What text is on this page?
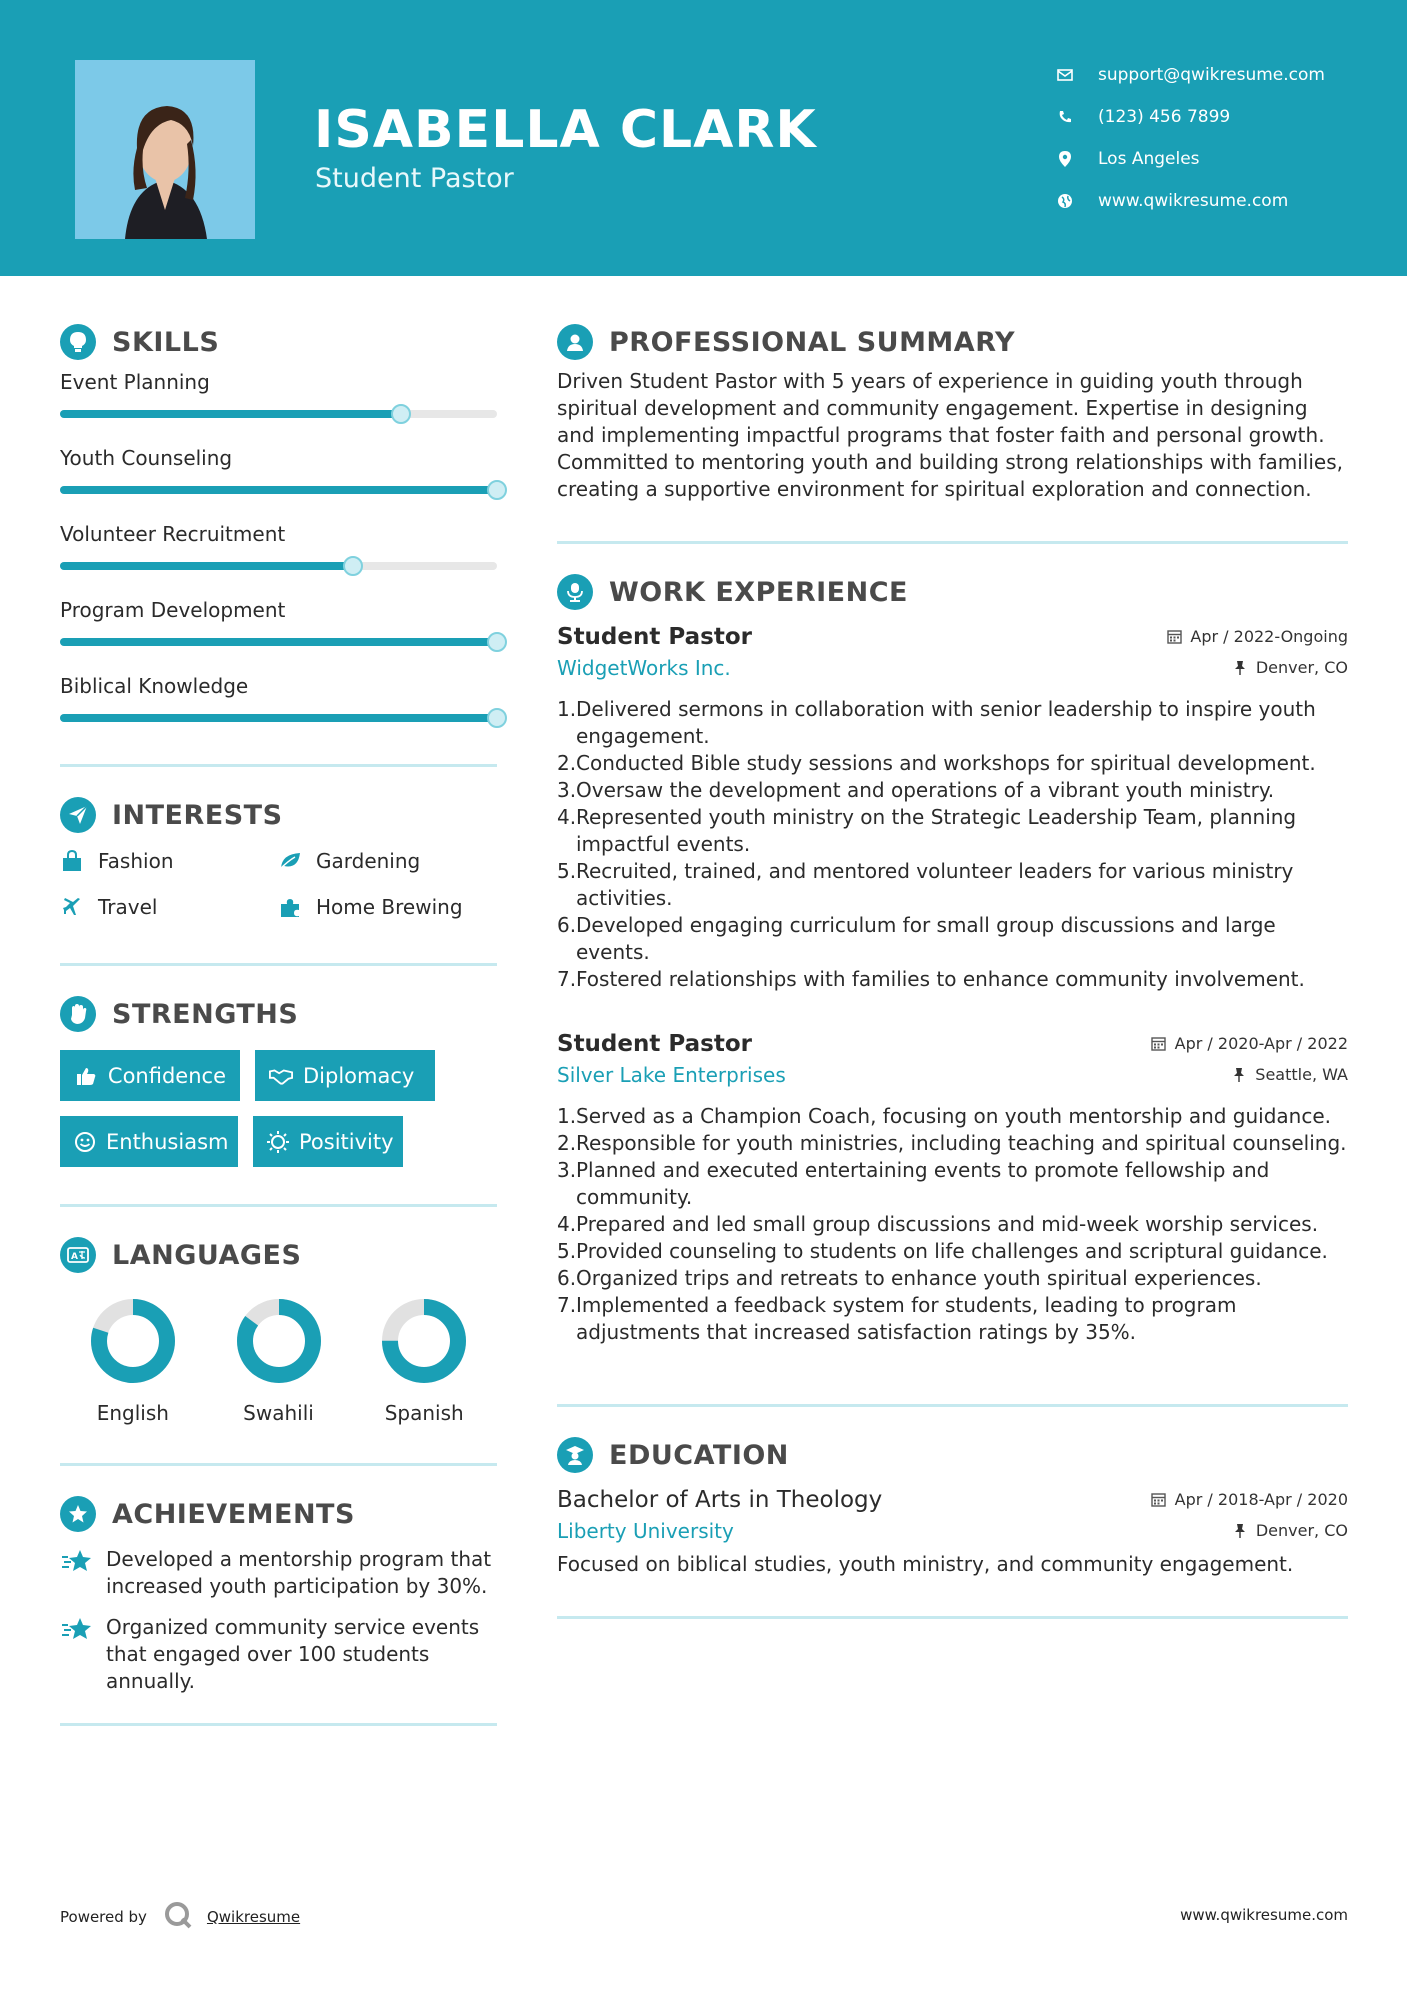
ISABELLA CLARK
Student Pastor
support@qwikresume.com
(123) 456 7899
Los Angeles
www.qwikresume.com
SKILLS
Event Planning
Youth Counseling
Volunteer Recruitment
Program Development
Biblical Knowledge
INTERESTS
Fashion	Gardening
Travel	Home Brewing
STRENGTHS
Confidence	Diplomacy
Enthusiasm	Positivity
A LANGUAGES
English	Swahili	Spanish
ACHIEVEMENTS
Developed a mentorship program that increased youth participation by 30%.
Organized community service events that engaged over 100 students annually.
PROFESSIONAL SUMMARY
Driven Student Pastor with 5 years of experience in guiding youth through spiritual development and community engagement. Expertise in designing and implementing impactful programs that foster faith and personal growth. Committed to mentoring youth and building strong relationships with families, creating a supportive environment for spiritual exploration and connection.
WORK EXPERIENCE
Student Pastor	Apr / 2022-Ongoing
WidgetWorks Inc.	Denver, CO
1. Delivered sermons in collaboration with senior leadership to inspire youth engagement.
2. Conducted Bible study sessions and workshops for spiritual development.
3. Oversaw the development and operations of a vibrant youth ministry.
4. Represented youth ministry on the Strategic Leadership Team, planning impactful events.
5. Recruited, trained, and mentored volunteer leaders for various ministry activities.
6. Developed engaging curriculum for small group discussions and large events.
7. Fostered relationships with families to enhance community involvement.
Student Pastor	Apr / 2020-Apr / 2022
Silver Lake Enterprises	Seattle, WA
1. Served as a Champion Coach, focusing on youth mentorship and guidance.
2. Responsible for youth ministries, including teaching and spiritual counseling.
3. Planned and executed entertaining events to promote fellowship and community.
4. Prepared and led small group discussions and mid-week worship services.
5. Provided counseling to students on life challenges and scriptural guidance.
6. Organized trips and retreats to enhance youth spiritual experiences.
7. Implemented a feedback system for students, leading to program adjustments that increased satisfaction ratings by 35%.
EDUCATION
Bachelor of Arts in Theology	Apr / 2018-Apr / 2020
Liberty University	Denver, CO
Focused on biblical studies, youth ministry, and community engagement.
Powered by	Qwikresume	www.qwikresume.com
